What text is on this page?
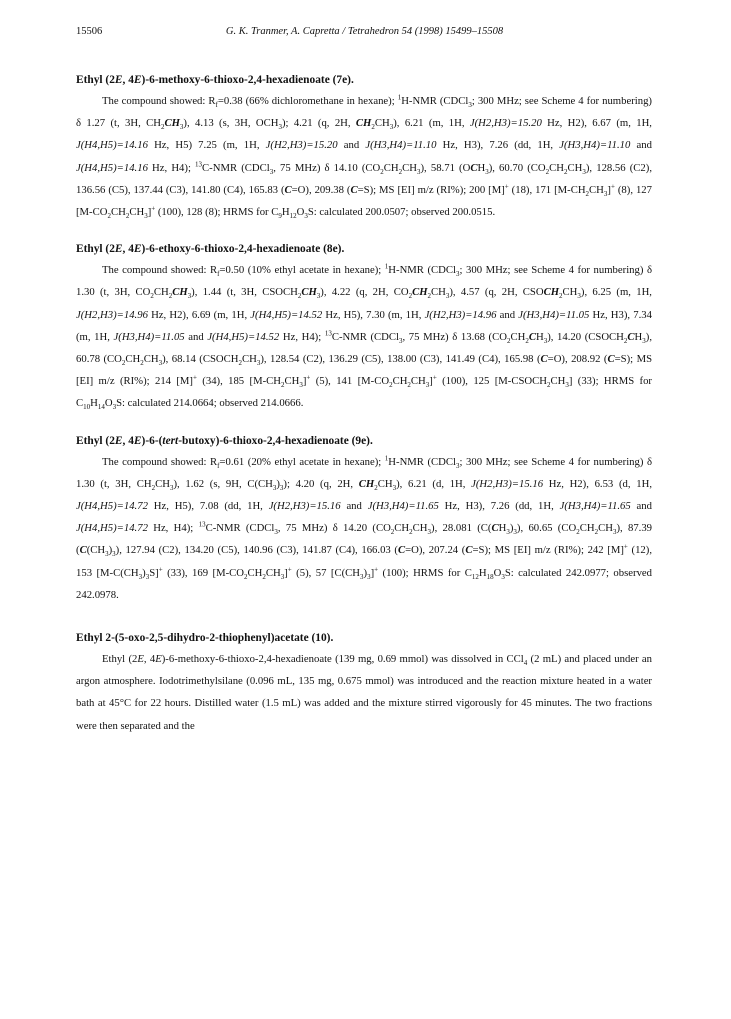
15506	G. K. Tranmer, A. Capretta / Tetrahedron 54 (1998) 15499–15508
Ethyl (2E, 4E)-6-methoxy-6-thioxo-2,4-hexadienoate (7e).
The compound showed: $R_f=0.38$ (66% dichloromethane in hexane); $^1$H-NMR (CDCl$_3$; 300 MHz; see Scheme 4 for numbering) δ 1.27 (t, 3H, $CH_2CH_3$), 4.13 (s, 3H, $OCH_3$); 4.21 (q, 2H, $CH_2CH_3$), 6.21 (m, 1H, J(H2,H3)=15.20 Hz, H2), 6.67 (m, 1H, J(H4,H5)=14.16 Hz, H5) 7.25 (m, 1H, J(H2,H3)=15.20 and J(H3,H4)=11.10 Hz, H3), 7.26 (dd, 1H, J(H3,H4)=11.10 and J(H4,H5)=14.16 Hz, H4); $^{13}$C-NMR (CDCl$_3$, 75 MHz) δ 14.10 $(CO_2CH_2CH_3)$, 58.71 $(OCH_3)$, 60.70 $(CO_2CH_2CH_3)$, 128.56 (C2), 136.56 (C5), 137.44 (C3), 141.80 (C4), 165.83 (C=O), 209.38 (C=S); MS [EI] m/z (RI%); 200 [M]+ (18), 171 $[M-CH_2CH_3]^+$ (8), 127 $[M-CO_2CH_2CH_3]^+$ (100), 128 (8); HRMS for $C_9H_{12}O_3S$: calculated 200.0507; observed 200.0515.
Ethyl (2E, 4E)-6-ethoxy-6-thioxo-2,4-hexadienoate (8e).
The compound showed: $R_f=0.50$ (10% ethyl acetate in hexane); $^1$H-NMR (CDCl$_3$; 300 MHz; see Scheme 4 for numbering) δ 1.30 (t, 3H, $CO_2CH_2CH_3$), 1.44 (t, 3H, $CSOCH_2CH_3$), 4.22 (q, 2H, $CO_2CH_2CH_3$), 4.57 (q, 2H, $CSOCH_2CH_3$), 6.25 (m, 1H, J(H2,H3)=14.96 Hz, H2), 6.69 (m, 1H, J(H4,H5)=14.52 Hz, H5), 7.30 (m, 1H, J(H2,H3)=14.96 and J(H3,H4)=11.05 Hz, H3), 7.34 (m, 1H, J(H3,H4)=11.05 and J(H4,H5)=14.52 Hz, H4); $^{13}$C-NMR (CDCl$_3$, 75 MHz) δ 13.68 $(CO_2CH_2CH_3)$, 14.20 $(CSOCH_2CH_3)$, 60.78 $(CO_2CH_2CH_3)$, 68.14 $(CSOCH_2CH_3)$, 128.54 (C2), 136.29 (C5), 138.00 (C3), 141.49 (C4), 165.98 (C=O), 208.92 (C=S); MS [EI] m/z (RI%); 214 [M]+ (34), 185 $[M-CH_2CH_3]^+$ (5), 141 $[M-CO_2CH_2CH_3]^+$ (100), 125 $[M-CSOCH_2CH_3]$ (33); HRMS for $C_{10}H_{14}O_3S$: calculated 214.0664; observed 214.0666.
Ethyl (2E, 4E)-6-(tert-butoxy)-6-thioxo-2,4-hexadienoate (9e).
The compound showed: $R_f=0.61$ (20% ethyl acetate in hexane); $^1$H-NMR (CDCl$_3$; 300 MHz; see Scheme 4 for numbering) δ 1.30 (t, 3H, $CH_2CH_3$), 1.62 (s, 9H, $C(CH_3)_3$); 4.20 (q, 2H, $CH_2CH_3$), 6.21 (d, 1H, J(H2,H3)=15.16 Hz, H2), 6.53 (d, 1H, J(H4,H5)=14.72 Hz, H5), 7.08 (dd, 1H, J(H2,H3)=15.16 and J(H3,H4)=11.65 Hz, H3), 7.26 (dd, 1H, J(H3,H4)=11.65 and J(H4,H5)=14.72 Hz, H4); $^{13}$C-NMR (CDCl$_3$, 75 MHz) δ 14.20 $(CO_2CH_2CH_3)$, 28.081 $(C(CH_3)_3)$, 60.65 $(CO_2CH_2CH_3)$, 87.39 $(C(CH_3)_3)$, 127.94 (C2), 134.20 (C5), 140.96 (C3), 141.87 (C4), 166.03 (C=O), 207.24 (C=S); MS [EI] m/z (RI%); 242 [M]+ (12), 153 $[M-C(CH_3)_3S]^+$ (33), 169 $[M-CO_2CH_2CH_3]^+$ (5), 57 $[C(CH_3)_3]^+$ (100); HRMS for $C_{12}H_{18}O_3S$: calculated 242.0977; observed 242.0978.
Ethyl 2-(5-oxo-2,5-dihydro-2-thiophenyl)acetate (10).
Ethyl (2E, 4E)-6-methoxy-6-thioxo-2,4-hexadienoate (139 mg, 0.69 mmol) was dissolved in CCl$_4$ (2 mL) and placed under an argon atmosphere. Iodotrimethylsilane (0.096 mL, 135 mg, 0.675 mmol) was introduced and the reaction mixture heated in a water bath at 45°C for 22 hours. Distilled water (1.5 mL) was added and the mixture stirred vigorously for 45 minutes. The two fractions were then separated and the
